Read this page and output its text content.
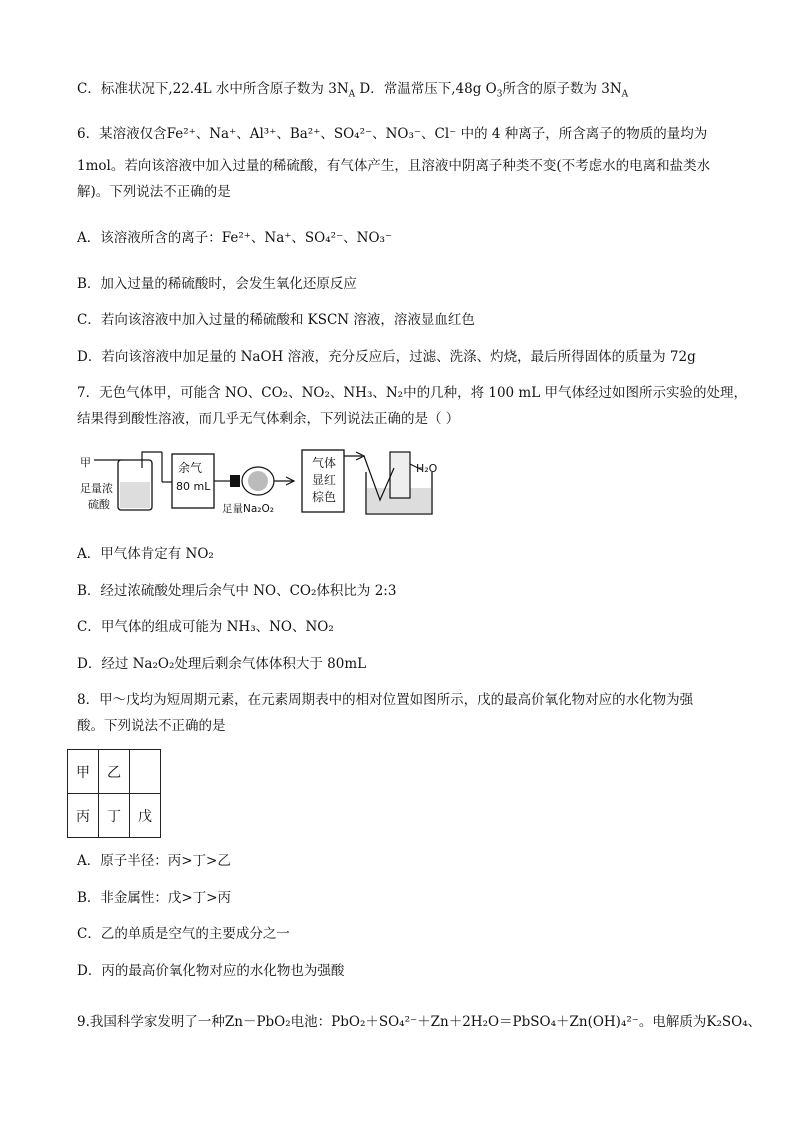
C．标准状况下,22.4L 水中所含原子数为 $3N_A$ D．常温常压下,48g $O_3$所含的原子数为 $3N_A$
6．某溶液仅含Fe²⁺、Na⁺、Al³⁺、Ba²⁺、SO₄²⁻、NO₃⁻、Cl⁻ 中的 4 种离子，所含离子的物质的量均为
1mol。若向该溶液中加入过量的稀硫酸，有气体产生，且溶液中阴离子种类不变(不考虑水的电离和盐类水
解)。下列说法不正确的是
A．该溶液所含的离子：Fe²⁺、Na⁺、SO₄²⁻、NO₃⁻
B．加入过量的稀硫酸时，会发生氧化还原反应
C．若向该溶液中加入过量的稀硫酸和 KSCN 溶液，溶液显血红色
D．若向该溶液中加足量的 NaOH 溶液，充分反应后，过滤、洗涤、灼烧，最后所得固体的质量为 72g
7．无色气体甲，可能含 NO、CO₂、NO₂、NH₃、N₂中的几种，将 100 mL 甲气体经过如图所示实验的处理，
结果得到酸性溶液，而几乎无气体剩余，下列说法正确的是（ ）
甲
足量浓
硫酸
余气
80 mL
足量Na₂O₂
气体
显红
棕色
H₂O
A．甲气体肯定有 NO₂
B．经过浓硫酸处理后余气中 NO、CO₂体积比为 2:3
C．甲气体的组成可能为 NH₃、NO、NO₂
D．经过 Na₂O₂处理后剩余气体体积大于 80mL
8．甲～戊均为短周期元素，在元素周期表中的相对位置如图所示，戊的最高价氧化物对应的水化物为强
酸。下列说法不正确的是
甲	乙	
丙	丁	戊
A．原子半径：丙>丁>乙
B．非金属性：戊>丁>丙
C．乙的单质是空气的主要成分之一
D．丙的最高价氧化物对应的水化物也为强酸
9.我国科学家发明了一种Zn－PbO₂电池：PbO₂＋SO₄²⁻＋Zn＋2H₂O＝PbSO₄＋Zn(OH)₄²⁻。电解质为K₂SO₄、
